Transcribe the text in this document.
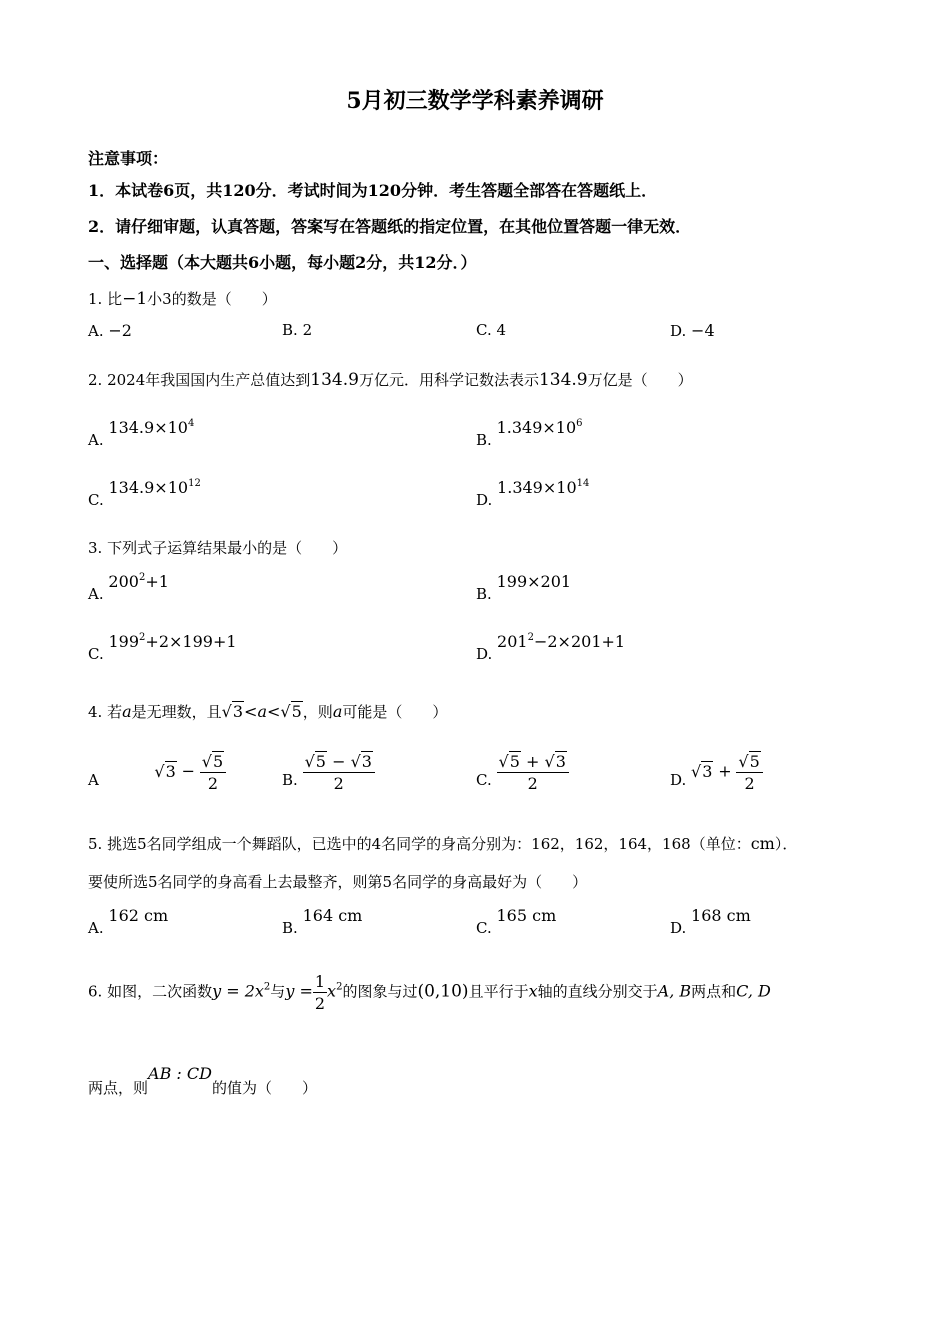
5月初三数学学科素养调研
注意事项：
1．本试卷6页，共120分．考试时间为120分钟．考生答题全部答在答题纸上．
2．请仔细审题，认真答题，答案写在答题纸的指定位置，在其他位置答题一律无效．
一、选择题（本大题共6小题，每小题2分，共12分．）
1. 比−1小3的数是（　　）
A. −2	B. 2	C. 4	D. −4
2. 2024年我国国内生产总值达到134.9万亿元．用科学记数法表示134.9万亿是（　　）
A. $134.9\times 10^4$
B. $1.349\times 10^6$
C. $134.9\times 10^{12}$
D. $1.349\times 10^{14}$
3. 下列式子运算结果最小的是（　　）
A. $200^2+1$
B. 199×201
C. $199^2+2\times 199+1$
D. $201^2-2\times 201+1$
4. 若a是无理数，且√3<a<√5，则a可能是（　　）
A	$√3 - \frac{√5}{2}$	B. $\frac{√5 - √3}{2}$	C. $\frac{√5 + √3}{2}$	D. $√3 + \frac{√5}{2}$
5. 挑选5名同学组成一个舞蹈队，已选中的4名同学的身高分别为：162，162，164，168（单位：cm）．
要使所选5名同学的身高看上去最整齐，则第5名同学的身高最好为（　　）
A. 162 cm
B. 164 cm
C. 165 cm
D. 168 cm
6. 如图，二次函数$y = 2x^2$与$y = \frac{1}{2} x^2$的图象与过(0,10)且平行于x轴的直线分别交于A, B两点和C, D
两点，则AB : CD的值为（　　）
